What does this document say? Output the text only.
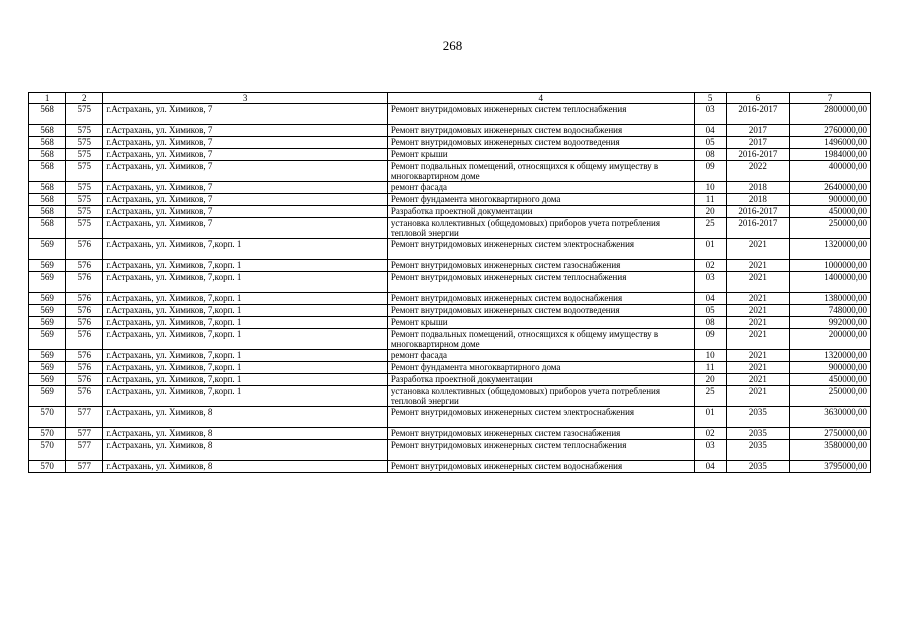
268
1	2	3	4	5	6	7
568	575	г.Астрахань, ул. Химиков, 7	Ремонт внутридомовых инженерных систем теплоснабжения	03	2016-2017	2800000,00
568	575	г.Астрахань, ул. Химиков, 7	Ремонт внутридомовых инженерных систем водоснабжения	04	2017	2760000,00
568	575	г.Астрахань, ул. Химиков, 7	Ремонт внутридомовых инженерных систем водоотведения	05	2017	1496000,00
568	575	г.Астрахань, ул. Химиков, 7	Ремонт крыши	08	2016-2017	1984000,00
568	575	г.Астрахань, ул. Химиков, 7	Ремонт подвальных помещений, относящихся к общему имуществу в многоквартирном доме	09	2022	400000,00
568	575	г.Астрахань, ул. Химиков, 7	ремонт фасада	10	2018	2640000,00
568	575	г.Астрахань, ул. Химиков, 7	Ремонт фундамента многоквартирного дома	11	2018	900000,00
568	575	г.Астрахань, ул. Химиков, 7	Разработка проектной документации	20	2016-2017	450000,00
568	575	г.Астрахань, ул. Химиков, 7	установка коллективных (общедомовых) приборов учета потребления тепловой энергии	25	2016-2017	250000,00
569	576	г.Астрахань, ул. Химиков, 7,корп. 1	Ремонт внутридомовых инженерных систем электроснабжения	01	2021	1320000,00
569	576	г.Астрахань, ул. Химиков, 7,корп. 1	Ремонт внутридомовых инженерных систем газоснабжения	02	2021	1000000,00
569	576	г.Астрахань, ул. Химиков, 7,корп. 1	Ремонт внутридомовых инженерных систем теплоснабжения	03	2021	1400000,00
569	576	г.Астрахань, ул. Химиков, 7,корп. 1	Ремонт внутридомовых инженерных систем водоснабжения	04	2021	1380000,00
569	576	г.Астрахань, ул. Химиков, 7,корп. 1	Ремонт внутридомовых инженерных систем водоотведения	05	2021	748000,00
569	576	г.Астрахань, ул. Химиков, 7,корп. 1	Ремонт крыши	08	2021	992000,00
569	576	г.Астрахань, ул. Химиков, 7,корп. 1	Ремонт подвальных помещений, относящихся к общему имуществу в многоквартирном доме	09	2021	200000,00
569	576	г.Астрахань, ул. Химиков, 7,корп. 1	ремонт фасада	10	2021	1320000,00
569	576	г.Астрахань, ул. Химиков, 7,корп. 1	Ремонт фундамента многоквартирного дома	11	2021	900000,00
569	576	г.Астрахань, ул. Химиков, 7,корп. 1	Разработка проектной документации	20	2021	450000,00
569	576	г.Астрахань, ул. Химиков, 7,корп. 1	установка коллективных (общедомовых) приборов учета потребления тепловой энергии	25	2021	250000,00
570	577	г.Астрахань, ул. Химиков, 8	Ремонт внутридомовых инженерных систем электроснабжения	01	2035	3630000,00
570	577	г.Астрахань, ул. Химиков, 8	Ремонт внутридомовых инженерных систем газоснабжения	02	2035	2750000,00
570	577	г.Астрахань, ул. Химиков, 8	Ремонт внутридомовых инженерных систем теплоснабжения	03	2035	3580000,00
570	577	г.Астрахань, ул. Химиков, 8	Ремонт внутридомовых инженерных систем водоснабжения	04	2035	3795000,00
